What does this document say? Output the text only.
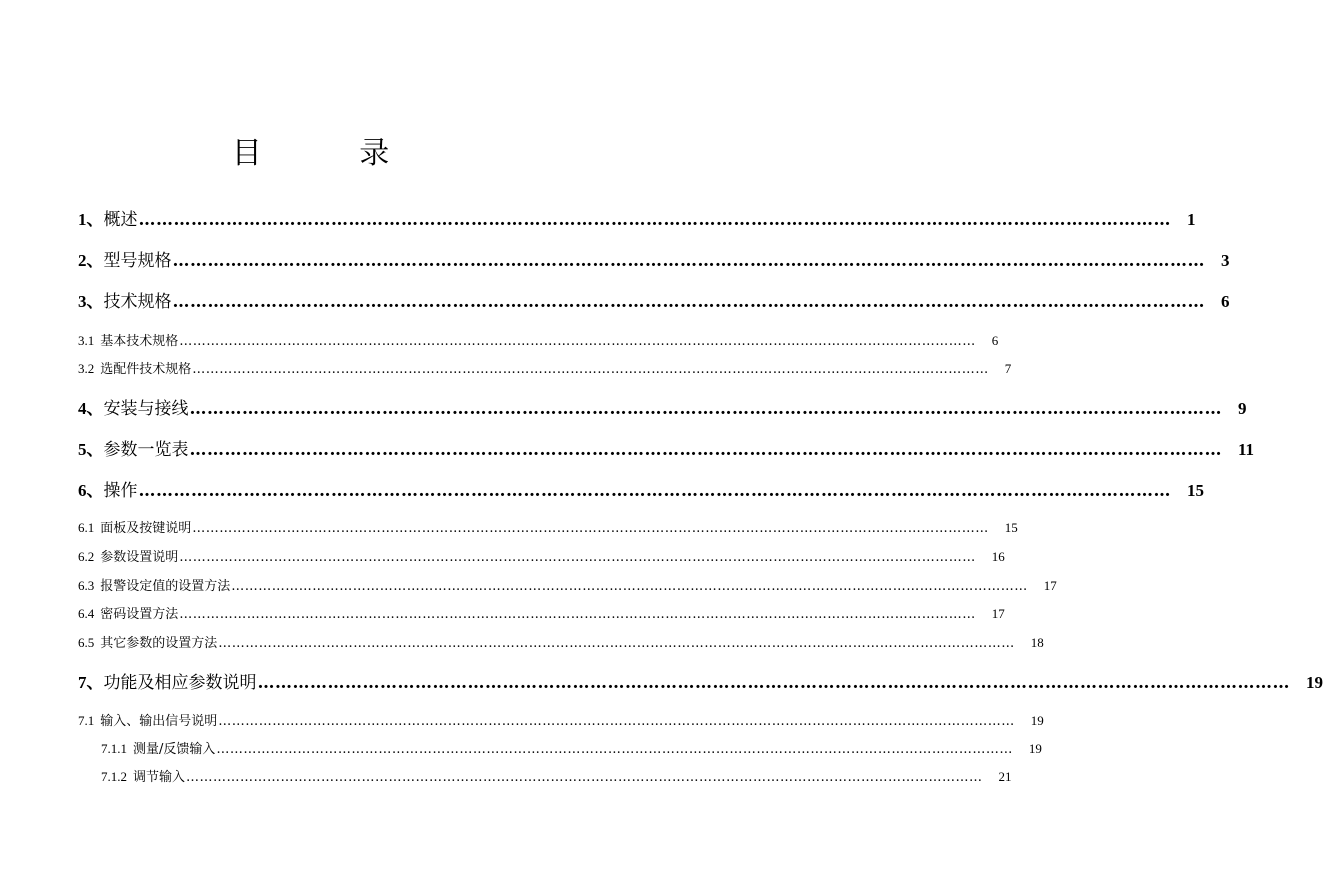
目 录
1、 概述 …………………………………………………………………………………………………………………………………………………………… 1
2、 型号规格 …………………………………………………………………………………………………………………………………………………………… 3
3、 技术规格 …………………………………………………………………………………………………………………………………………………………… 6
3.1 基本技术规格 ……………………………………………………………………………………………………………………………………………………………	6
3.2 选配件技术规格 ……………………………………………………………………………………………………………………………………………………………	7
4、 安装与接线 …………………………………………………………………………………………………………………………………………………………… 9
5、 参数一览表 …………………………………………………………………………………………………………………………………………………………… 11
6、 操作 …………………………………………………………………………………………………………………………………………………………… 15
6.1 面板及按键说明 ……………………………………………………………………………………………………………………………………………………………	15
6.2 参数设置说明 ……………………………………………………………………………………………………………………………………………………………	16
6.3 报警设定值的设置方法 ……………………………………………………………………………………………………………………………………………………………	17
6.4 密码设置方法 ……………………………………………………………………………………………………………………………………………………………	17
6.5 其它参数的设置方法 ……………………………………………………………………………………………………………………………………………………………	18
7、 功能及相应参数说明 …………………………………………………………………………………………………………………………………………………………… 19
7.1 输入、输出信号说明 ……………………………………………………………………………………………………………………………………………………………	19
7.1.1 测量/反馈输入 ……………………………………………………………………………………………………………………………………………………………	19
7.1.2 调节输入 ……………………………………………………………………………………………………………………………………………………………	21
